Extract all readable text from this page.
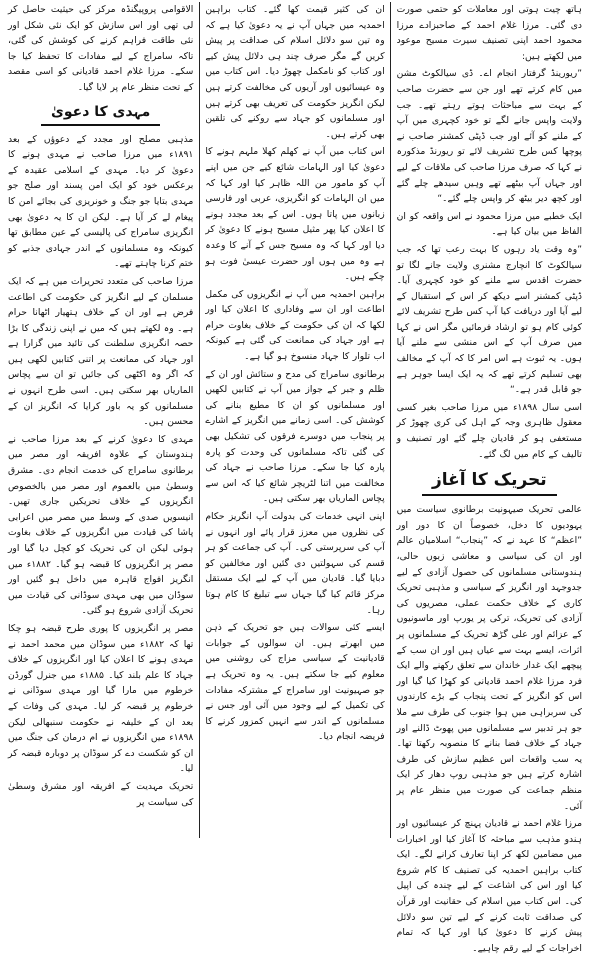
ہاتھ چیت ہوتی اور معاملات کو حتمی صورت دی گئی۔ مرزا غلام احمد کے صاحبزادے مرزا محمود احمد اپنی تصنیف سیرت مسیح موعود میں لکھتے ہیں:

”ریورینڈ گرفتار انجام اے۔ ڈی سیالکوٹ مشن میں کام کرتے تھے اور جن سے حضرت صاحب کے بہت سے مباحثات ہوتے رہتے تھے۔ جب ولایت واپس جانے لگے تو خود کچہری میں آپ کے ملنے کو آئے اور جب ڈپٹی کمشنر صاحب نے پوچھا کس طرح تشریف لائے تو ریورنڈ مذکورہ نے کہا کہ صرف مرزا صاحب کی ملاقات کے لیے اور جہاں آپ بیٹھے تھے وہیں سیدھے چلے گئے اور کچھ دیر بیٹھ کر واپس چلے گئے۔“

ایک خطبے میں مرزا محمود نے اس واقعہ کو ان الفاظ میں بیان کیا ہے۔

”وہ وقت یاد رہوں کا بہت رعب تھا کہ جب سیالکوٹ کا انچارج مشنری ولایت جانے لگا تو حضرت اقدس سے ملنے کو خود کچہری آیا۔ ڈپٹی کمشنر اسے دیکھ کر اس کے استقبال کے لیے آیا اور دریافت کیا آپ کس طرح تشریف لائے کوئی کام ہو تو ارشاد فرمائیں مگر اس نے کہا میں صرف آپ کے اس منشی سے ملنے آیا ہوں۔ یہ ثبوت ہے اس امر کا کہ آپ کے مخالف بھی تسلیم کرتے تھے کہ یہ ایک ایسا جوہر ہے جو قابل قدر ہے۔“

اسی سال ۱۸۹۸ء میں مرزا صاحب بغیر کسی معقول ظاہری وجہ کے اہل کی کری چھوڑ کر مستعفی ہو کر قادیان چلے گئے اور تصنیف و تالیف کے کام میں لگ گئے۔

تحریک کا آغاز

عالمی تحریک صیہونیت برطانوی سیاست میں یہودیوں کا دخل، خصوصاً ان کا دور اور ”اعظم“ کا عہد نے کہ ”پنجاب“ اسلامیان عالم اور ان کی سیاسی و معاشی زبوں حالی، ہندوستانی مسلمانوں کی حصول آزادی کے لیے جدوجہد اور انگریز کے سیاسی و مذہبی تحریک کاری کے خلاف حکمت عملی، مصریوں کی آزادی کی تحریک، ترکی پر یورپ اور ماسونیوں کے عزائم اور علی گڑھ تحریک کے مسلمانوں پر اثرات، ایسے بہت سے عیاں ہیں اور ان سب کے پیچھے ایک غدار خاندان سے تعلق رکھنے والے ایک فرد مرزا غلام احمد قادیانی کو کھڑا کیا گیا اور اس کو انگریز کے تحت پنجاب کے بڑے کارندوں کی سربراہی میں ہوا جنوب کی طرف سے ملا جو ہر تدبیر سے مسلمانوں میں پھوٹ ڈالنے اور جہاد کے خلاف فضا بنانے کا منصوبہ رکھتا تھا۔ یہ سب واقعات اس عظیم سازش کی طرف اشارہ کرتے ہیں جو مذہبی روپ دھار کر ایک منظم جماعت کی صورت میں منظر عام پر آئی۔

مرزا غلام احمد نے قادیان پہنچ کر عیسائیوں اور ہندو مذہب سے مباحثہ کا آغاز کیا اور اخبارات میں مضامین لکھ کر اپنا تعارف کرانے لگے۔ ایک کتاب براہین احمدیہ کی تصنیف کا کام شروع کیا اور اس کی اشاعت کے لیے چندہ کی اپیل کی۔ اس کتاب میں اسلام کی حقانیت اور قرآن کی صداقت ثابت کرنے کے لیے تین سو دلائل پیش کرنے کا دعویٰ کیا اور کہا کہ تمام اخراجات کے لیے رقم چاہیے۔

ان کی کثیر قیمت کھا گئے۔ کتاب براہین احمدیہ میں جہاں آپ نے یہ دعویٰ کیا ہے کہ وہ تین سو دلائل اسلام کی صداقت پر پیش کریں گے مگر صرف چند ہی دلائل پیش کیے اور کتاب کو نامکمل چھوڑ دیا۔ اس کتاب میں وہ عیسائیوں اور آریوں کی مخالفت کرتے ہیں لیکن انگریز حکومت کی تعریف بھی کرتے ہیں اور مسلمانوں کو جہاد سے روکنے کی تلقین بھی کرتے ہیں۔

اس کتاب میں آپ نے کھلم کھلا ملہم ہونے کا دعویٰ کیا اور الہامات شائع کیے جن میں اپنے آپ کو مامور من اللہ ظاہر کیا اور کہا کہ میں ان الہامات کو انگریزی، عربی اور فارسی زبانوں میں پاتا ہوں۔ اس کے بعد مجدد ہونے کا اعلان کیا پھر مثیل مسیح ہونے کا دعویٰ کر دیا اور کہا کہ وہ مسیح جس کے آنے کا وعدہ ہے وہ میں ہوں اور حضرت عیسیٰ فوت ہو چکے ہیں۔

براہین احمدیہ میں آپ نے انگریزوں کی مکمل اطاعت اور ان سے وفاداری کا اعلان کیا اور لکھا کہ ان کی حکومت کے خلاف بغاوت حرام ہے اور جہاد کی ممانعت کی گئی ہے کیونکہ اب تلوار کا جہاد منسوخ ہو گیا ہے۔

برطانوی سامراج کی مدح و ستائش اور ان کے ظلم و جبر کے جواز میں آپ نے کتابیں لکھیں اور مسلمانوں کو ان کا مطیع بنانے کی کوشش کی۔ اسی زمانے میں انگریز کے اشارے پر پنجاب میں دوسرے فرقوں کی تشکیل بھی کی گئی تاکہ مسلمانوں کی وحدت کو پارہ پارہ کیا جا سکے۔ مرزا صاحب نے جہاد کی مخالفت میں اتنا لٹریچر شائع کیا کہ اس سے پچاس الماریاں بھر سکتی ہیں۔

اپنی انہی خدمات کی بدولت آپ انگریز حکام کی نظروں میں معزز قرار پائے اور انہوں نے آپ کی سرپرستی کی۔ آپ کی جماعت کو ہر قسم کی سہولتیں دی گئیں اور مخالفین کو دبایا گیا۔ قادیان میں آپ کے لیے ایک مستقل مرکز قائم کیا گیا جہاں سے تبلیغ کا کام ہوتا رہا۔

ایسے کئی سوالات ہیں جو تحریک کے ذہن میں ابھرتے ہیں۔ ان سوالوں کے جوابات قادیانیت کے سیاسی مزاج کی روشنی میں معلوم کیے جا سکتے ہیں۔ یہ وہ تحریک ہے جو صہیونیت اور سامراج کے مشترکہ مفادات کی تکمیل کے لیے وجود میں آئی اور جس نے مسلمانوں کے اندر سے انہیں کمزور کرنے کا فریضہ انجام دیا۔

الاقوامی پروپیگنڈہ مرکز کی حیثیت حاصل کر لی تھی اور اس سازش کو ایک نئی شکل اور نئی طاقت فراہم کرنے کی کوشش کی گئی، تاکہ سامراج کے لیے مفادات کا تحفظ کیا جا سکے۔ مرزا غلام احمد قادیانی کو اسی مقصد کے تحت منظر عام پر لایا گیا۔

مہدی کا دعویٰ

مذہبی مصلح اور مجدد کے دعوؤں کے بعد ۱۸۹۱ء میں مرزا صاحب نے مہدی ہونے کا دعویٰ کر دیا۔ مہدی کے اسلامی عقیدہ کے برعکس خود کو ایک امن پسند اور صلح جو مہدی بتایا جو جنگ و خونریزی کی بجائے امن کا پیغام لے کر آیا ہے۔ لیکن ان کا یہ دعویٰ بھی انگریزی سامراج کی پالیسی کے عین مطابق تھا کیونکہ وہ مسلمانوں کے اندر جہادی جذبے کو ختم کرنا چاہتے تھے۔

مرزا صاحب کی متعدد تحریرات میں ہے کہ ایک مسلمان کے لیے انگریز کی حکومت کی اطاعت فرض ہے اور ان کے خلاف ہتھیار اٹھانا حرام ہے۔ وہ لکھتے ہیں کہ میں نے اپنی زندگی کا بڑا حصہ انگریزی سلطنت کی تائید میں گزارا ہے اور جہاد کی ممانعت پر اتنی کتابیں لکھی ہیں کہ اگر وہ اکٹھی کی جائیں تو ان سے پچاس الماریاں بھر سکتی ہیں۔ اسی طرح انہوں نے مسلمانوں کو یہ باور کرایا کہ انگریز ان کے محسن ہیں۔

مہدی کا دعویٰ کرنے کے بعد مرزا صاحب نے ہندوستان کے علاوہ افریقہ اور مصر میں برطانوی سامراج کی خدمت انجام دی۔ مشرق وسطیٰ میں بالعموم اور مصر میں بالخصوص انگریزوں کے خلاف تحریکیں جاری تھیں۔ انیسویں صدی کے وسط میں مصر میں اعرابی پاشا کی قیادت میں انگریزوں کے خلاف بغاوت ہوئی لیکن ان کی تحریک کو کچل دیا گیا اور مصر پر انگریزوں کا قبضہ ہو گیا۔ ۱۸۸۲ء میں انگریز افواج قاہرہ میں داخل ہو گئیں اور سوڈان میں بھی مہدی سوڈانی کی قیادت میں تحریک آزادی شروع ہو گئی۔

مصر پر انگریزوں کا پوری طرح قبضہ ہو چکا تھا کہ ۱۸۸۲ء میں سوڈان میں محمد احمد نے مہدی ہونے کا اعلان کیا اور انگریزوں کے خلاف جہاد کا علم بلند کیا۔ ۱۸۸۵ء میں جنرل گورڈن خرطوم میں مارا گیا اور مہدی سوڈانی نے خرطوم پر قبضہ کر لیا۔ مہدی کی وفات کے بعد ان کے خلیفہ نے حکومت سنبھالی لیکن ۱۸۹۸ء میں انگریزوں نے ام درمان کی جنگ میں ان کو شکست دے کر سوڈان پر دوبارہ قبضہ کر لیا۔

تحریک مہدیت کے افریقہ اور مشرق وسطیٰ کی سیاست پر
